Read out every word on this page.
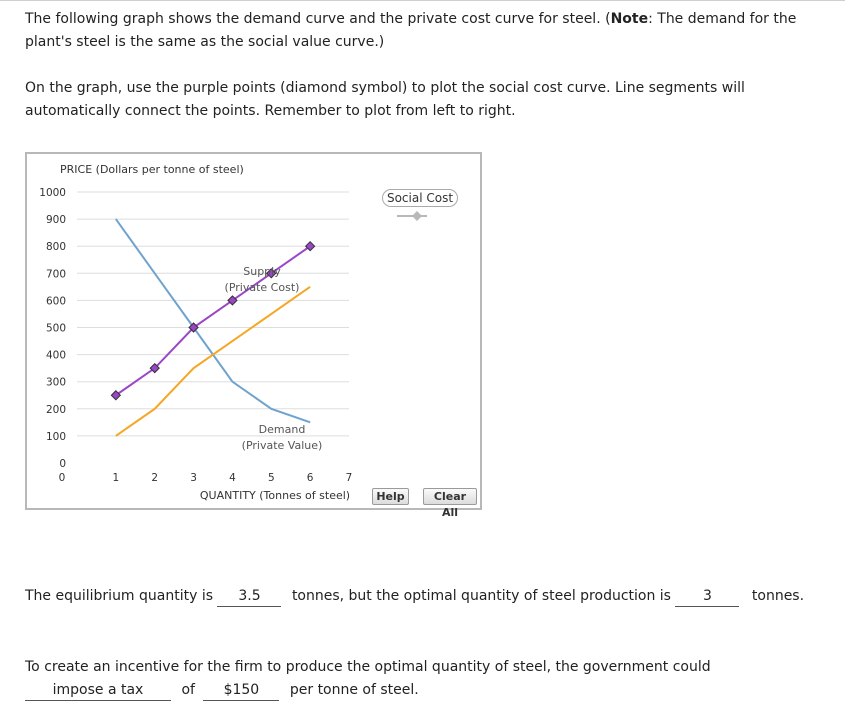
The following graph shows the demand curve and the private cost curve for steel. (Note: The demand for the plant's steel is the same as the social value curve.)
On the graph, use the purple points (diamond symbol) to plot the social cost curve. Line segments will automatically connect the points. Remember to plot from left to right.
PRICE (Dollars per tonne of steel)
0
100
200
300
400
500
600
700
800
900
1000
0	1	2	3	4	5	6	7
Supply
(Private Cost)
Demand
(Private Value)
QUANTITY (Tonnes of steel)
Social Cost
Help	Clear All
The equilibrium quantity is 3.5 tonnes, but the optimal quantity of steel production is 3	tonnes.
To create an incentive for the firm to produce the optimal quantity of steel, the government could
impose a tax	of $150 per tonne of steel.
